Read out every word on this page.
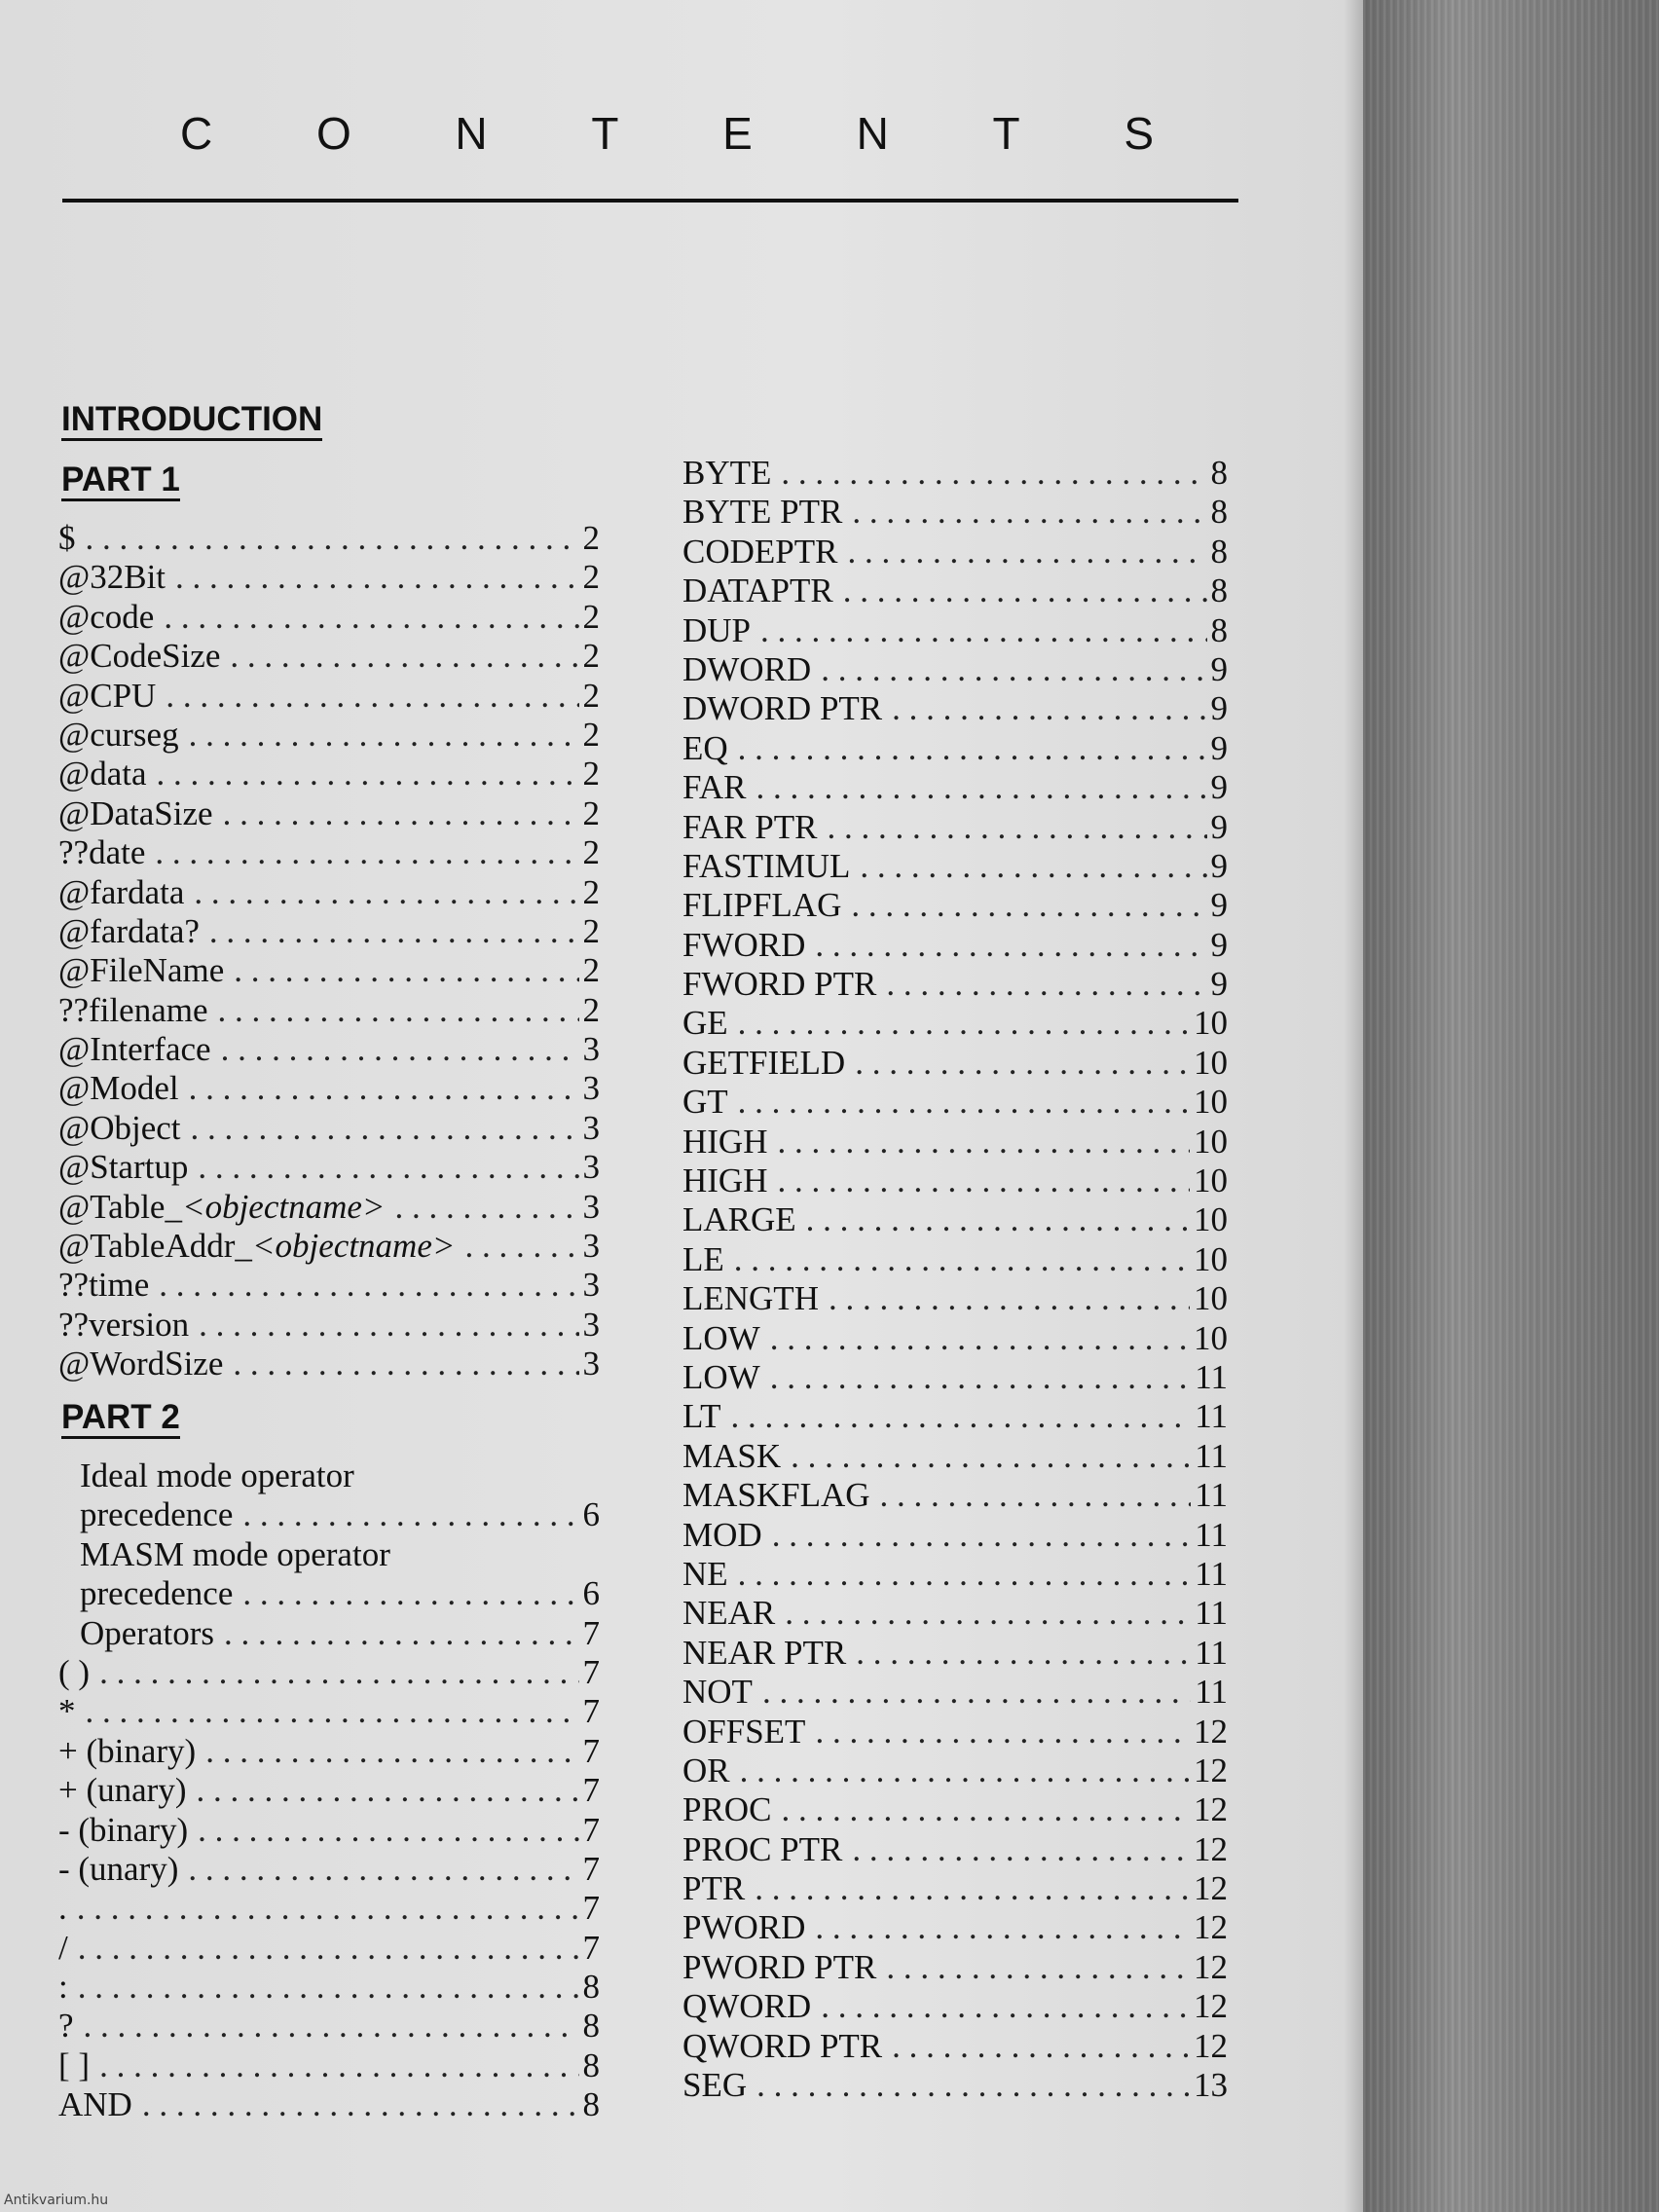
C O N T E N T S
INTRODUCTION
PART 1
$ . . .	2
@32Bit . . .	2
@code . . .	2
@CodeSize . . .	2
@CPU . . .	2
@curseg . . .	2
@data . . .	2
@DataSize . . .	2
??date . . .	2
@fardata . . .	2
@fardata? . . .	2
@FileName . . .	2
??filename . . .	2
@Interface . . .	3
@Model . . .	3
@Object . . .	3
@Startup . . .	3
@Table_<objectname> . . .	3
@TableAddr_<objectname> . . .	3
??time . . .	3
??version . . .	3
@WordSize . . .	3
PART 2
Ideal mode operator
precedence . . .	6
MASM mode operator
precedence . . .	6
Operators . . .	7
( ) . . .	7
* . . .	7
+ (binary) . . .	7
+ (unary) . . .	7
- (binary) . . .	7
- (unary) . . .	7
. . . .	7
/ . . .	7
: . . .	8
? . . .	8
[ ] . . .	8
AND . . .	8
BYTE . . .	8
BYTE PTR . . .	8
CODEPTR . . .	8
DATAPTR . . .	8
DUP . . .	8
DWORD . . .	9
DWORD PTR . . .	9
EQ . . .	9
FAR . . .	9
FAR PTR . . .	9
FASTIMUL . . .	9
FLIPFLAG . . .	9
FWORD . . .	9
FWORD PTR . . .	9
GE . . .	10
GETFIELD . . .	10
GT . . .	10
HIGH . . .	10
HIGH . . .	10
LARGE . . .	10
LE . . .	10
LENGTH . . .	10
LOW . . .	10
LOW . . .	11
LT . . .	11
MASK . . .	11
MASKFLAG . . .	11
MOD . . .	11
NE . . .	11
NEAR . . .	11
NEAR PTR . . .	11
NOT . . .	11
OFFSET . . .	12
OR . . .	12
PROC . . .	12
PROC PTR . . .	12
PTR . . .	12
PWORD . . .	12
PWORD PTR . . .	12
QWORD . . .	12
QWORD PTR . . .	12
SEG . . .	13
Antikvarium.hu
